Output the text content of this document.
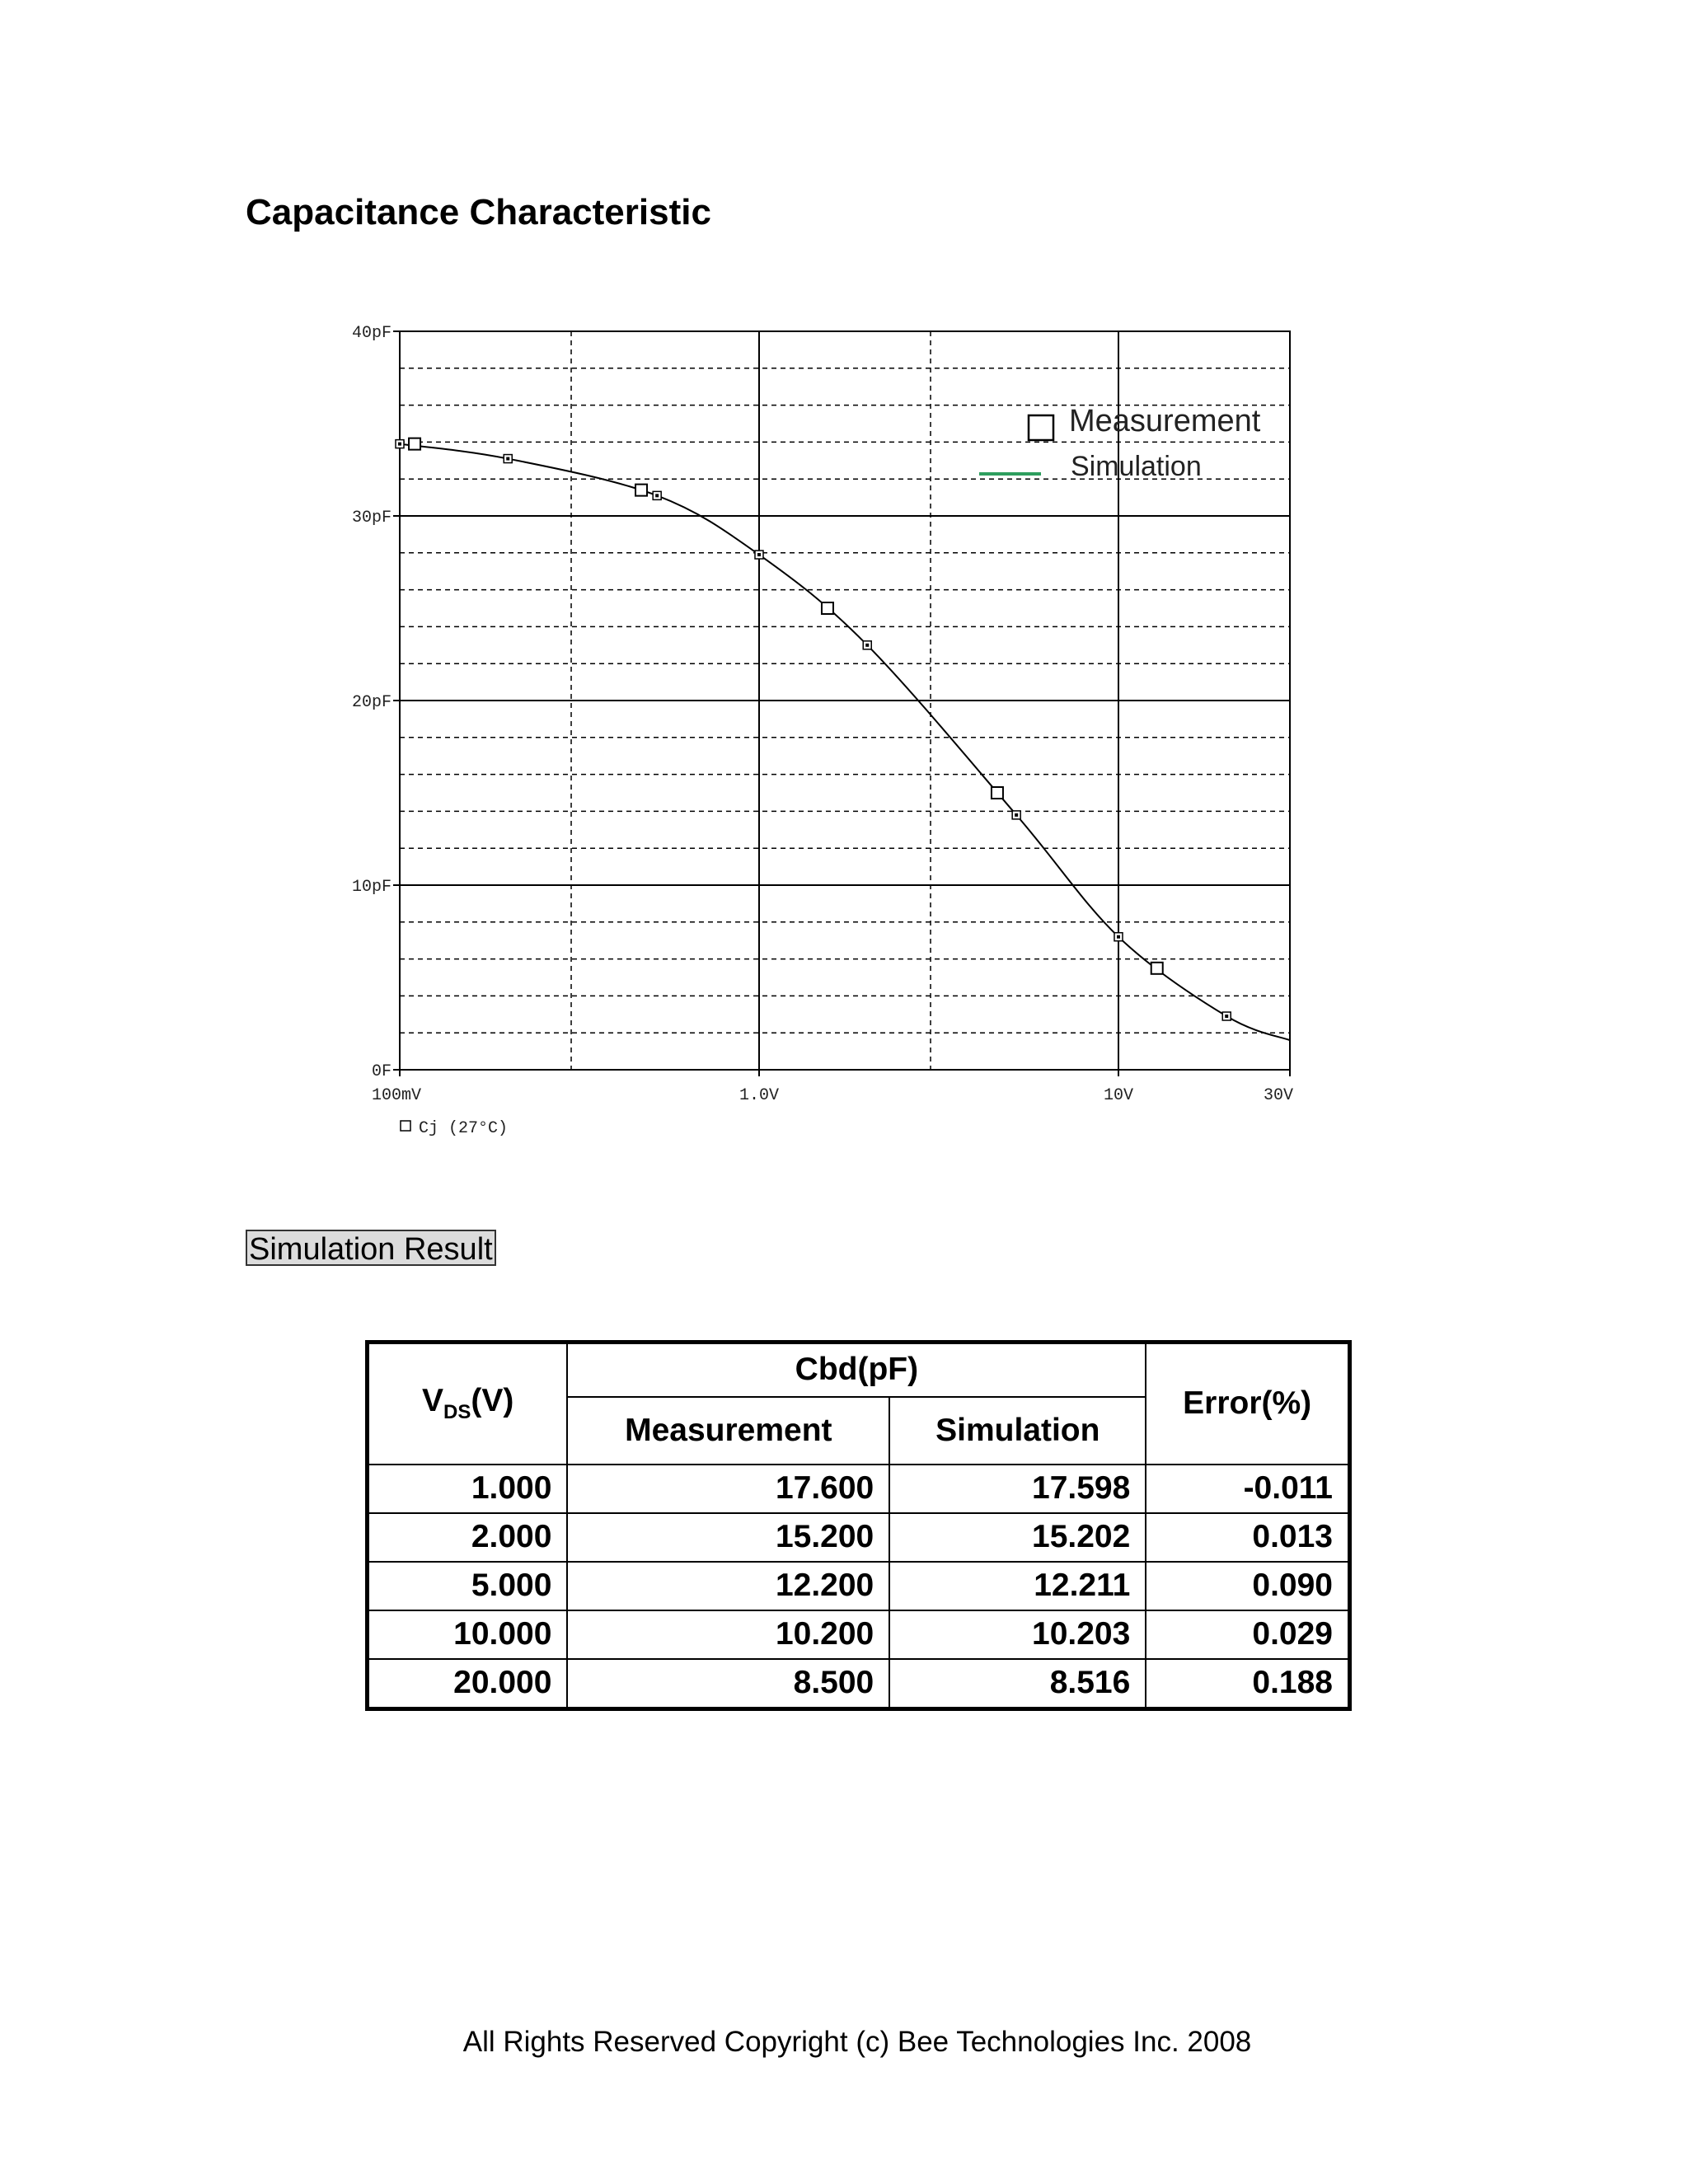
Capacitance Characteristic
0F
10pF
20pF
30pF
40pF
100mV	1.0V	10V	30V
Measurement
Simulation
Cj (27°C)
Simulation Result
$V_{DS}(V)$	Cbd(pF)		Error(%)
	Measurement	Simulation	
1.000	17.600	17.598	-0.011
2.000	15.200	15.202	0.013
5.000	12.200	12.211	0.090
10.000	10.200	10.203	0.029
20.000	8.500	8.516	0.188
All Rights Reserved Copyright (c) Bee Technologies Inc. 2008
